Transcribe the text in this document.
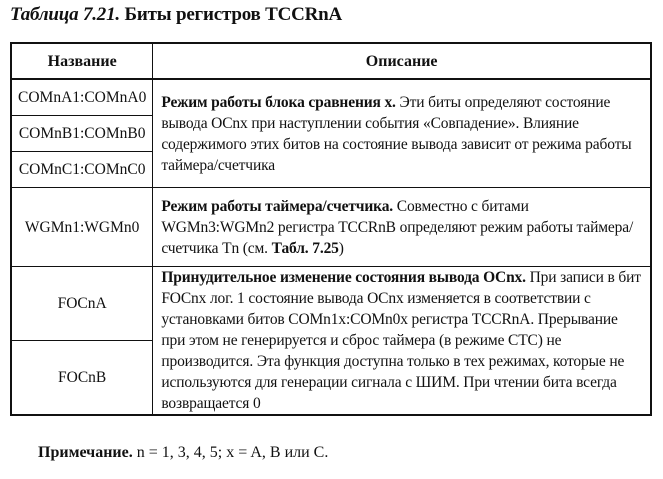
Таблица 7.21. Биты регистров TCCRnA
Название	Описание
COMnA1:COMnA0	Режим работы блока сравнения x. Эти биты определяют состояние вывода OCnx при наступлении события «Совпадение». Влияние содержимого этих битов на состояние вывода зависит от режима работы таймера/счетчика
COMnB1:COMnB0	
COMnC1:COMnC0	
WGMn1:WGMn0	Режим работы таймера/счетчика. Совместно с битами WGMn3:WGMn2 регистра TCCRnB определяют режим работы таймера/счетчика Tn (см. Табл. 7.25)
FOCnA	Принудительное изменение состояния вывода OCnx. При записи в бит FOCnx лог. 1 состояние вывода OCnx изменяется в соответствии с установками битов COMn1x:COMn0x регистра TCCRnA. Прерывание при этом не генерируется и сброс таймера (в режиме СТС) не производится. Эта функция доступна только в тех режимах, которые не используются для генерации сигнала с ШИМ. При чтении бита всегда возвращается 0
FOCnB	
Примечание. n = 1, 3, 4, 5; x = A, B или C.
